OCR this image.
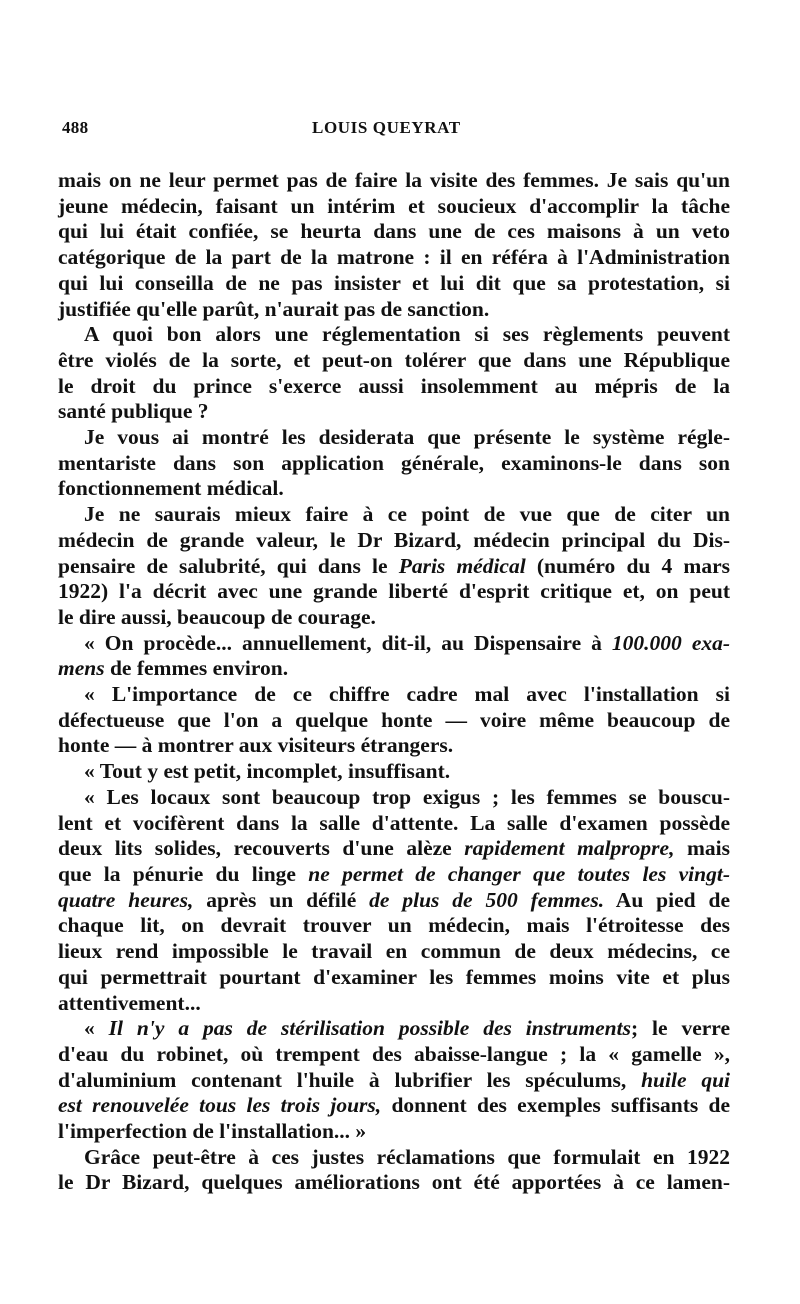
488	LOUIS QUEYRAT
mais on ne leur permet pas de faire la visite des femmes. Je sais qu'un
jeune médecin, faisant un intérim et soucieux d'accomplir la tâche
qui lui était confiée, se heurta dans une de ces maisons à un veto
catégorique de la part de la matrone : il en référa à l'Administration
qui lui conseilla de ne pas insister et lui dit que sa protestation, si
justifiée qu'elle parût, n'aurait pas de sanction.
A quoi bon alors une réglementation si ses règlements peuvent
être violés de la sorte, et peut-on tolérer que dans une République
le droit du prince s'exerce aussi insolemment au mépris de la
santé publique ?
Je vous ai montré les desiderata que présente le système régle-
mentariste dans son application générale, examinons-le dans son
fonctionnement médical.
Je ne saurais mieux faire à ce point de vue que de citer un
médecin de grande valeur, le Dr Bizard, médecin principal du Dis-
pensaire de salubrité, qui dans le Paris médical (numéro du 4 mars
1922) l'a décrit avec une grande liberté d'esprit critique et, on peut
le dire aussi, beaucoup de courage.
« On procède... annuellement, dit-il, au Dispensaire à 100.000 exa-
mens de femmes environ.
« L'importance de ce chiffre cadre mal avec l'installation si
défectueuse que l'on a quelque honte — voire même beaucoup de
honte — à montrer aux visiteurs étrangers.
« Tout y est petit, incomplet, insuffisant.
« Les locaux sont beaucoup trop exigus ; les femmes se bouscu-
lent et vocifèrent dans la salle d'attente. La salle d'examen possède
deux lits solides, recouverts d'une alèze rapidement malpropre, mais
que la pénurie du linge ne permet de changer que toutes les vingt-
quatre heures, après un défilé de plus de 500 femmes. Au pied de
chaque lit, on devrait trouver un médecin, mais l'étroitesse des
lieux rend impossible le travail en commun de deux médecins, ce
qui permettrait pourtant d'examiner les femmes moins vite et plus
attentivement...
« Il n'y a pas de stérilisation possible des instruments; le verre
d'eau du robinet, où trempent des abaisse-langue ; la « gamelle »,
d'aluminium contenant l'huile à lubrifier les spéculums, huile qui
est renouvelée tous les trois jours, donnent des exemples suffisants de
l'imperfection de l'installation... »
Grâce peut-être à ces justes réclamations que formulait en 1922
le Dr Bizard, quelques améliorations ont été apportées à ce lamen-
